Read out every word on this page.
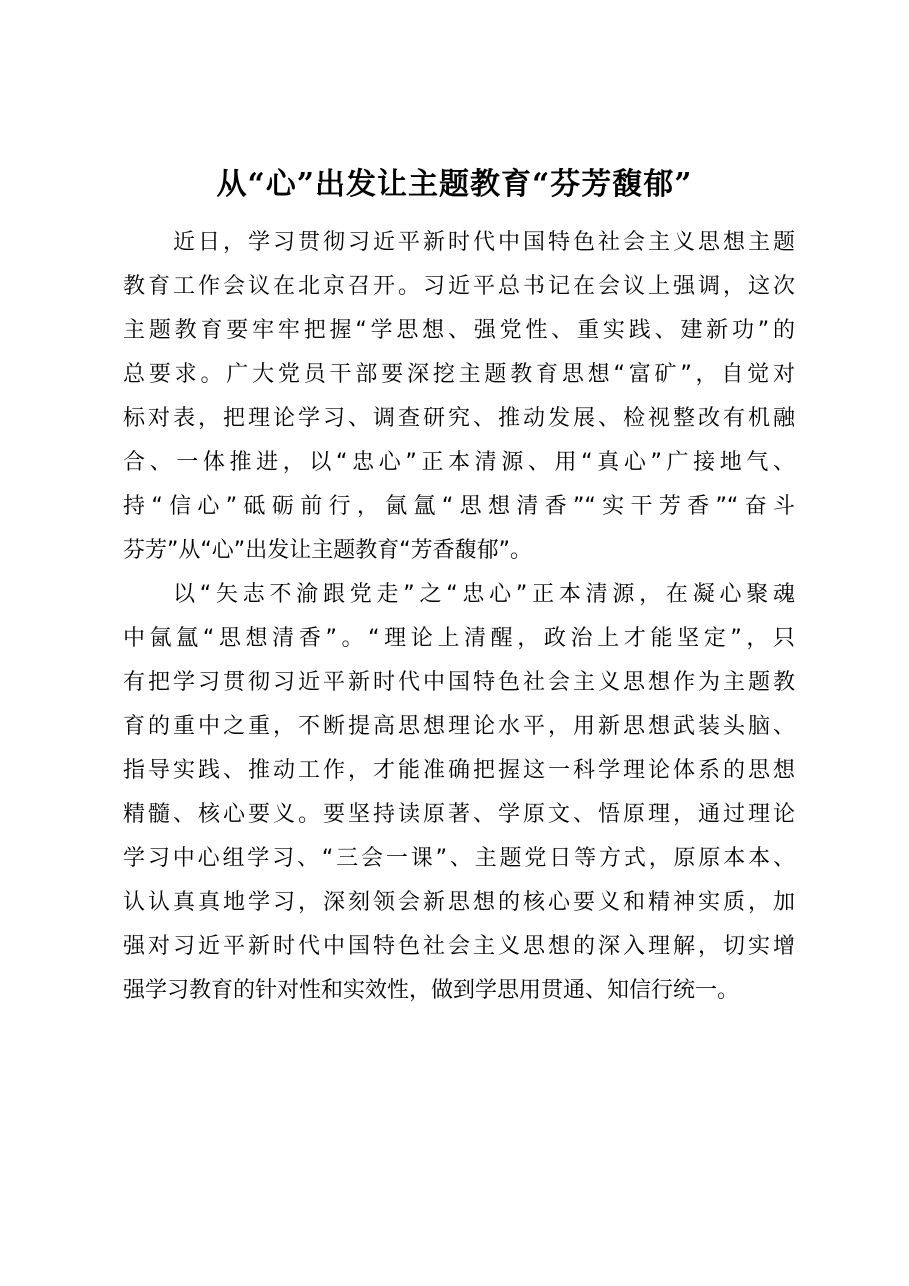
从“心”出发让主题教育“芬芳馥郁”

近日，学习贯彻习近平新时代中国特色社会主义思想主题
教育工作会议在北京召开。习近平总书记在会议上强调，这次
主题教育要牢牢把握“学思想、强党性、重实践、建新功”的
总要求。广大党员干部要深挖主题教育思想“富矿”，自觉对
标对表，把理论学习、调查研究、推动发展、检视整改有机融
合、一体推进，以“忠心”正本清源、用“真心”广接地气、
持“信心”砥砺前行，氤氲“思想清香”“实干芳香”“奋斗
芬芳”从“心”出发让主题教育“芳香馥郁”。

以“矢志不渝跟党走”之“忠心”正本清源，在凝心聚魂
中氤氲“思想清香”。“理论上清醒，政治上才能坚定”，只
有把学习贯彻习近平新时代中国特色社会主义思想作为主题教
育的重中之重，不断提高思想理论水平，用新思想武装头脑、
指导实践、推动工作，才能准确把握这一科学理论体系的思想
精髓、核心要义。要坚持读原著、学原文、悟原理，通过理论
学习中心组学习、“三会一课”、主题党日等方式，原原本本、
认认真真地学习，深刻领会新思想的核心要义和精神实质，加
强对习近平新时代中国特色社会主义思想的深入理解，切实增
强学习教育的针对性和实效性，做到学思用贯通、知信行统一。
